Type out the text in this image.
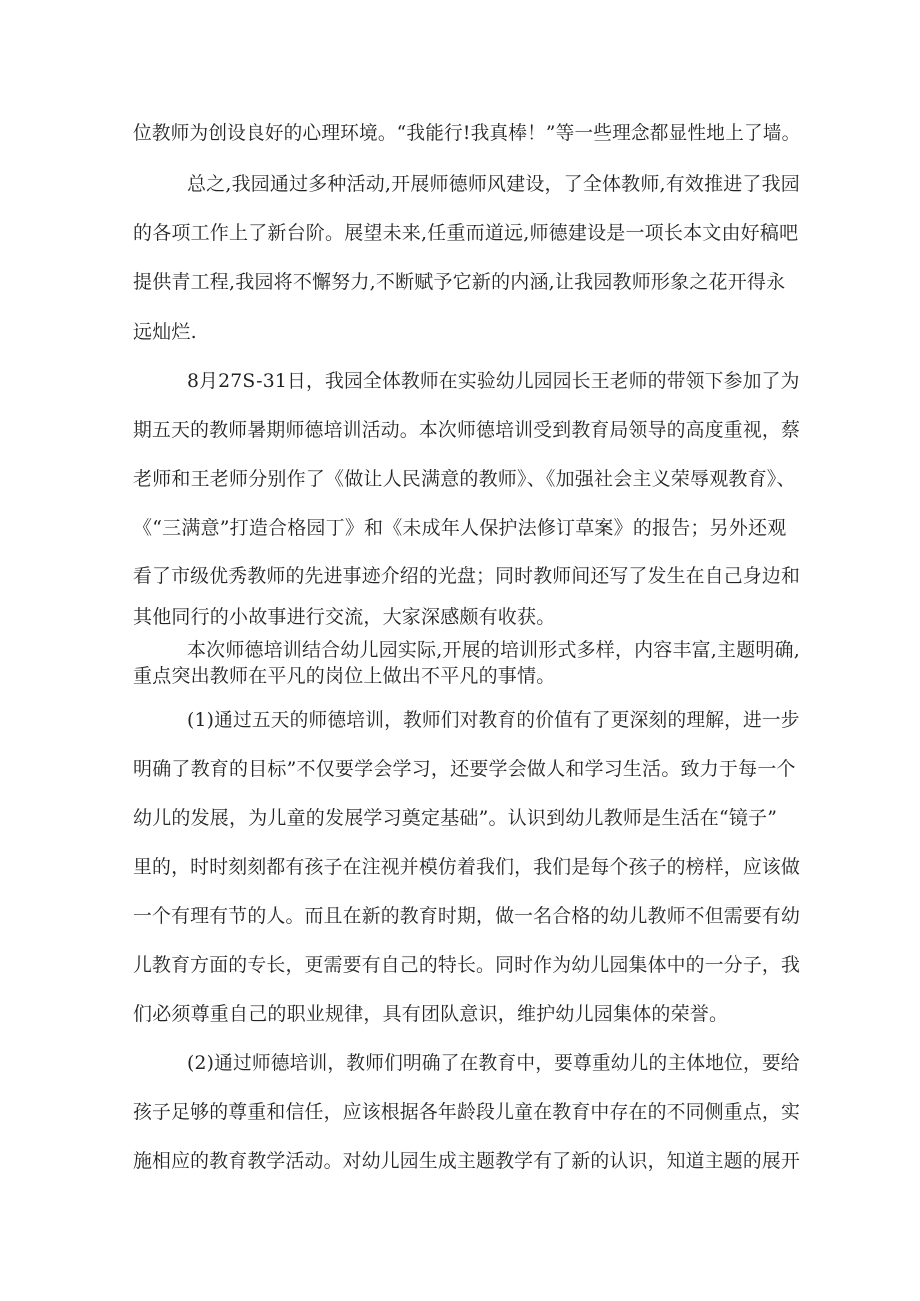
位教师为创设良好的心理环境。“我能行!我真棒！”等一些理念都显性地上了墙。
总之,我园通过多种活动,开展师德师风建设，了全体教师,有效推进了我园
的各项工作上了新台阶。展望未来,任重而道远,师德建设是一项长本文由好稿吧
提供青工程,我园将不懈努力,不断赋予它新的内涵,让我园教师形象之花开得永
远灿烂.
8月27S-31日，我园全体教师在实验幼儿园园长王老师的带领下参加了为
期五天的教师暑期师德培训活动。本次师德培训受到教育局领导的高度重视，蔡
老师和王老师分别作了《做让人民满意的教师》、《加强社会主义荣辱观教育》、
《“三满意”打造合格园丁》和《未成年人保护法修订草案》的报告；另外还观
看了市级优秀教师的先进事迹介绍的光盘；同时教师间还写了发生在自己身边和
其他同行的小故事进行交流，大家深感颇有收获。
本次师德培训结合幼儿园实际,开展的培训形式多样，内容丰富,主题明确,
重点突出教师在平凡的岗位上做出不平凡的事情。
(1)通过五天的师德培训，教师们对教育的价值有了更深刻的理解，进一步
明确了教育的目标”不仅要学会学习，还要学会做人和学习生活。致力于每一个
幼儿的发展，为儿童的发展学习奠定基础”。认识到幼儿教师是生活在“镜子”
里的，时时刻刻都有孩子在注视并模仿着我们，我们是每个孩子的榜样，应该做
一个有理有节的人。而且在新的教育时期，做一名合格的幼儿教师不但需要有幼
儿教育方面的专长，更需要有自己的特长。同时作为幼儿园集体中的一分子，我
们必须尊重自己的职业规律，具有团队意识，维护幼儿园集体的荣誉。
(2)通过师德培训，教师们明确了在教育中，要尊重幼儿的主体地位，要给
孩子足够的尊重和信任，应该根据各年龄段儿童在教育中存在的不同侧重点，实
施相应的教育教学活动。对幼儿园生成主题教学有了新的认识，知道主题的展开
